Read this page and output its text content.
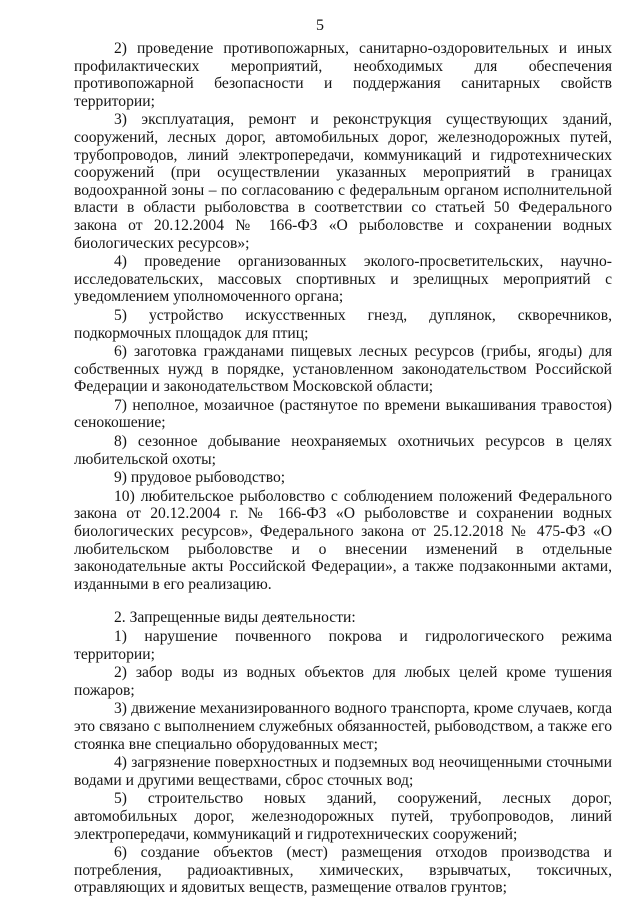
5

2) проведение противопожарных, санитарно-оздоровительных и иных профилактических мероприятий, необходимых для обеспечения противопожарной безопасности и поддержания санитарных свойств территории;

3) эксплуатация, ремонт и реконструкция существующих зданий, сооружений, лесных дорог, автомобильных дорог, железнодорожных путей, трубопроводов, линий электропередачи, коммуникаций и гидротехнических сооружений (при осуществлении указанных мероприятий в границах водоохранной зоны – по согласованию с федеральным органом исполнительной власти в области рыболовства в соответствии со статьей 50 Федерального закона от 20.12.2004 № 166-ФЗ «О рыболовстве и сохранении водных биологических ресурсов»;

4) проведение организованных эколого-просветительских, научно-исследовательских, массовых спортивных и зрелищных мероприятий с уведомлением уполномоченного органа;

5) устройство искусственных гнезд, дуплянок, скворечников, подкормочных площадок для птиц;

6) заготовка гражданами пищевых лесных ресурсов (грибы, ягоды) для собственных нужд в порядке, установленном законодательством Российской Федерации и законодательством Московской области;

7) неполное, мозаичное (растянутое по времени выкашивания травостоя) сенокошение;

8) сезонное добывание неохраняемых охотничьих ресурсов в целях любительской охоты;

9) прудовое рыбоводство;

10) любительское рыболовство с соблюдением положений Федерального закона от 20.12.2004 г. № 166-ФЗ «О рыболовстве и сохранении водных биологических ресурсов», Федерального закона от 25.12.2018 № 475-ФЗ «О любительском рыболовстве и о внесении изменений в отдельные законодательные акты Российской Федерации», а также подзаконными актами, изданными в его реализацию.

2. Запрещенные виды деятельности:

1) нарушение почвенного покрова и гидрологического режима территории;

2) забор воды из водных объектов для любых целей кроме тушения пожаров;

3) движение механизированного водного транспорта, кроме случаев, когда это связано с выполнением служебных обязанностей, рыбоводством, а также его стоянка вне специально оборудованных мест;

4) загрязнение поверхностных и подземных вод неочищенными сточными водами и другими веществами, сброс сточных вод;

5) строительство новых зданий, сооружений, лесных дорог, автомобильных дорог, железнодорожных путей, трубопроводов, линий электропередачи, коммуникаций и гидротехнических сооружений;

6) создание объектов (мест) размещения отходов производства и потребления, радиоактивных, химических, взрывчатых, токсичных, отравляющих и ядовитых веществ, размещение отвалов грунтов;
